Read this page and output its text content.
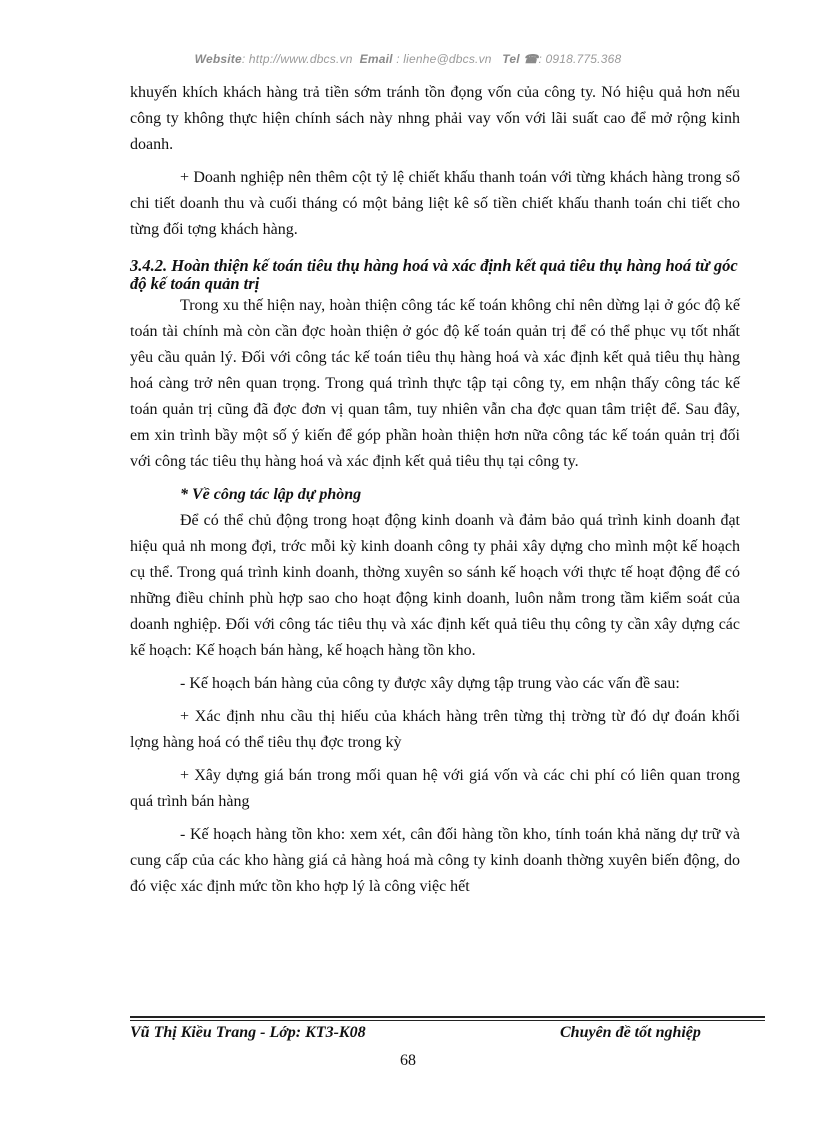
Website: http://www.dbcs.vn Email : lienhe@dbcs.vn Tel ☎: 0918.775.368

khuyến khích khách hàng trả tiền sớm tránh tồn đọng vốn của công ty. Nó hiệu quả hơn nếu công ty không thực hiện chính sách này nhng phải vay vốn với lãi suất cao để mở rộng kinh doanh.

+ Doanh nghiệp nên thêm cột tỷ lệ chiết khấu thanh toán với từng khách hàng trong sổ chi tiết doanh thu và cuối tháng có một bảng liệt kê số tiền chiết khấu thanh toán chi tiết cho từng đối tợng khách hàng.

3.4.2. Hoàn thiện kế toán tiêu thụ hàng hoá và xác định kết quả tiêu thụ hàng hoá từ góc độ kế toán quản trị

Trong xu thế hiện nay, hoàn thiện công tác kế toán không chỉ nên dừng lại ở góc độ kế toán tài chính mà còn cần đợc hoàn thiện ở góc độ kế toán quản trị để có thể phục vụ tốt nhất yêu cầu quản lý. Đối với công tác kế toán tiêu thụ hàng hoá và xác định kết quả tiêu thụ hàng hoá càng trở nên quan trọng. Trong quá trình thực tập tại công ty, em nhận thấy công tác kế toán quản trị cũng đã đợc đơn vị quan tâm, tuy nhiên vẫn cha đợc quan tâm triệt để. Sau đây, em xin trình bầy một số ý kiến để góp phần hoàn thiện hơn nữa công tác kế toán quản trị đối với công tác tiêu thụ hàng hoá và xác định kết quả tiêu thụ tại công ty.

* Về công tác lập dự phòng

Để có thể chủ động trong hoạt động kinh doanh và đảm bảo quá trình kinh doanh đạt hiệu quả nh mong đợi, trớc mỗi kỳ kinh doanh công ty phải xây dựng cho mình một kế hoạch cụ thể. Trong quá trình kinh doanh, thờng xuyên so sánh kế hoạch với thực tế hoạt động để có những điều chỉnh phù hợp sao cho hoạt động kinh doanh, luôn nằm trong tầm kiểm soát của doanh nghiệp. Đối với công tác tiêu thụ và xác định kết quả tiêu thụ công ty cần xây dựng các kế hoạch: Kế hoạch bán hàng, kế hoạch hàng tồn kho.

- Kế hoạch bán hàng của công ty được xây dựng tập trung vào các vấn đề sau:

+ Xác định nhu cầu thị hiếu của khách hàng trên từng thị trờng từ đó dự đoán khối lợng hàng hoá có thể tiêu thụ đợc trong kỳ

+ Xây dựng giá bán trong mối quan hệ với giá vốn và các chi phí có liên quan trong quá trình bán hàng

- Kế hoạch hàng tồn kho: xem xét, cân đối hàng tồn kho, tính toán khả năng dự trữ và cung cấp của các kho hàng giá cả hàng hoá mà công ty kinh doanh thờng xuyên biến động, do đó việc xác định mức tồn kho hợp lý là công việc hết

Vũ Thị Kiều Trang - Lớp: KT3-K08	Chuyên đề tốt nghiệp
68
